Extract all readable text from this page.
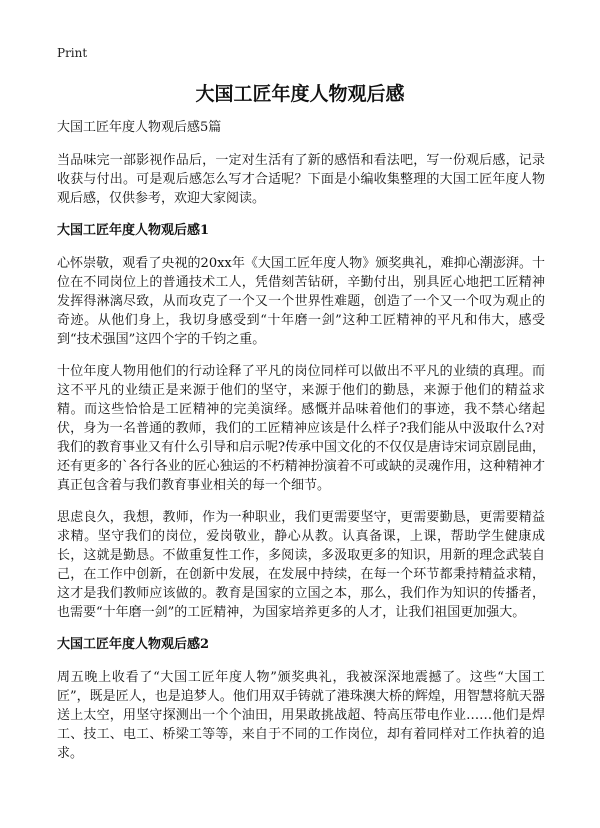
Print
大国工匠年度人物观后感
大国工匠年度人物观后感5篇

当品味完一部影视作品后，一定对生活有了新的感悟和看法吧，写一份观后感，记录收获与付出。可是观后感怎么写才合适呢？下面是小编收集整理的大国工匠年度人物观后感，仅供参考，欢迎大家阅读。

大国工匠年度人物观后感1

心怀崇敬，观看了央视的20xx年《大国工匠年度人物》颁奖典礼，难抑心潮澎湃。十位在不同岗位上的普通技术工人，凭借刻苦钻研，辛勤付出，别具匠心地把工匠精神发挥得淋漓尽致，从而攻克了一个又一个世界性难题，创造了一个又一个叹为观止的奇迹。从他们身上，我切身感受到“十年磨一剑”这种工匠精神的平凡和伟大，感受到“技术强国”这四个字的千钧之重。

十位年度人物用他们的行动诠释了平凡的岗位同样可以做出不平凡的业绩的真理。而这不平凡的业绩正是来源于他们的坚守，来源于他们的勤恳，来源于他们的精益求精。而这些恰恰是工匠精神的完美演绎。感慨并品味着他们的事迹，我不禁心绪起伏，身为一名普通的教师，我们的工匠精神应该是什么样子?我们能从中汲取什么?对我们的教育事业又有什么引导和启示呢?传承中国文化的不仅仅是唐诗宋词京剧昆曲，还有更多的`各行各业的匠心独运的不朽精神扮演着不可或缺的灵魂作用，这种精神才真正包含着与我们教育事业相关的每一个细节。

思虑良久，我想，教师，作为一种职业，我们更需要坚守，更需要勤恳，更需要精益求精。坚守我们的岗位，爱岗敬业，静心从教。认真备课，上课，帮助学生健康成长，这就是勤恳。不做重复性工作，多阅读，多汲取更多的知识，用新的理念武装自己，在工作中创新，在创新中发展，在发展中持续，在每一个环节都秉持精益求精，这才是我们教师应该做的。教育是国家的立国之本，那么，我们作为知识的传播者，也需要“十年磨一剑”的工匠精神，为国家培养更多的人才，让我们祖国更加强大。

大国工匠年度人物观后感2

周五晚上收看了“大国工匠年度人物”颁奖典礼，我被深深地震撼了。这些“大国工匠”，既是匠人，也是追梦人。他们用双手铸就了港珠澳大桥的辉煌，用智慧将航天器送上太空，用坚守探测出一个个油田，用果敢挑战超、特高压带电作业……他们是焊工、技工、电工、桥梁工等等，来自于不同的工作岗位，却有着同样对工作执着的追求。
